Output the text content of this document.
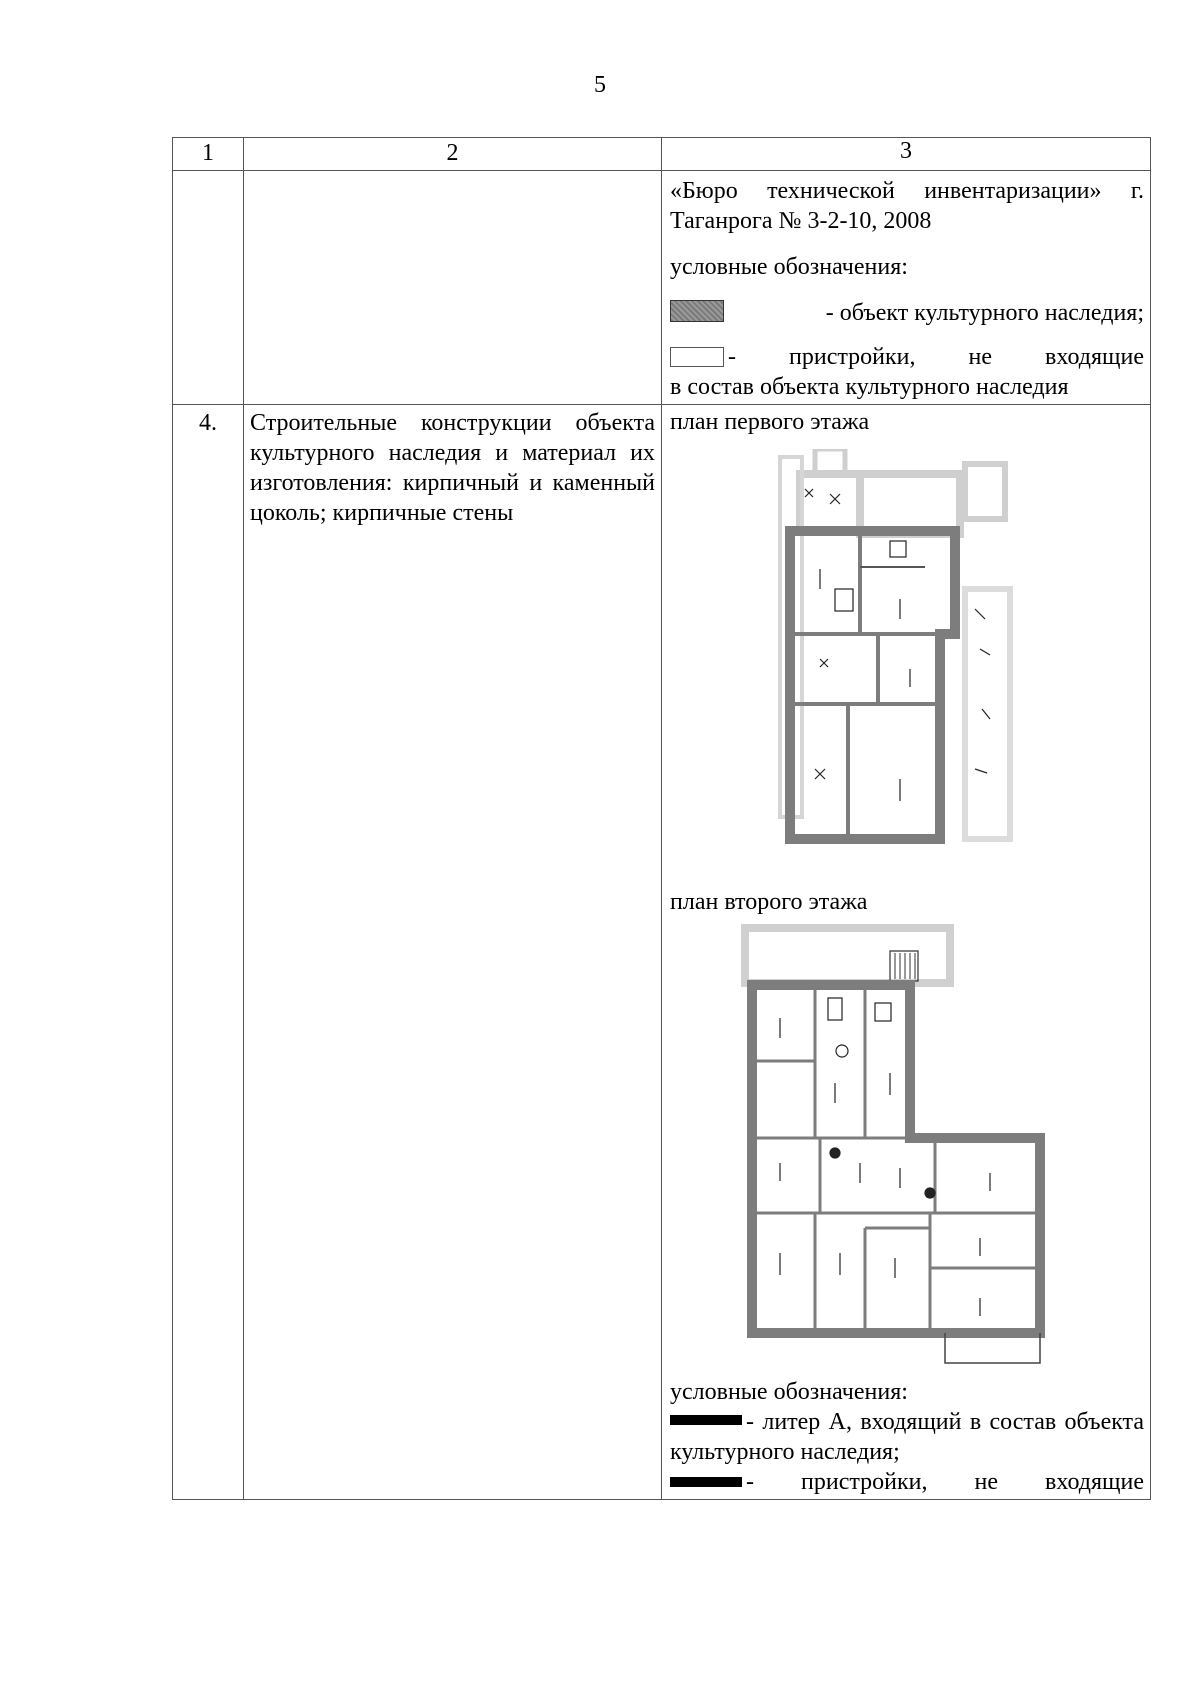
5
1	2	3

		«Бюро технической инвентаризации» г. Таганрога № 3-2-10, 2008
условные обозначения:
- объект культурного наследия;
- пристройки, не входящие
в состав объекта культурного наследия

4.	Строительные конструкции объекта культурного наследия и материал их изготовления: кирпичный и каменный цоколь; кирпичные стены	план первого этажа
план второго этажа
условные обозначения:
- литер А, входящий в состав объекта культурного наследия;
- пристройки, не входящие
